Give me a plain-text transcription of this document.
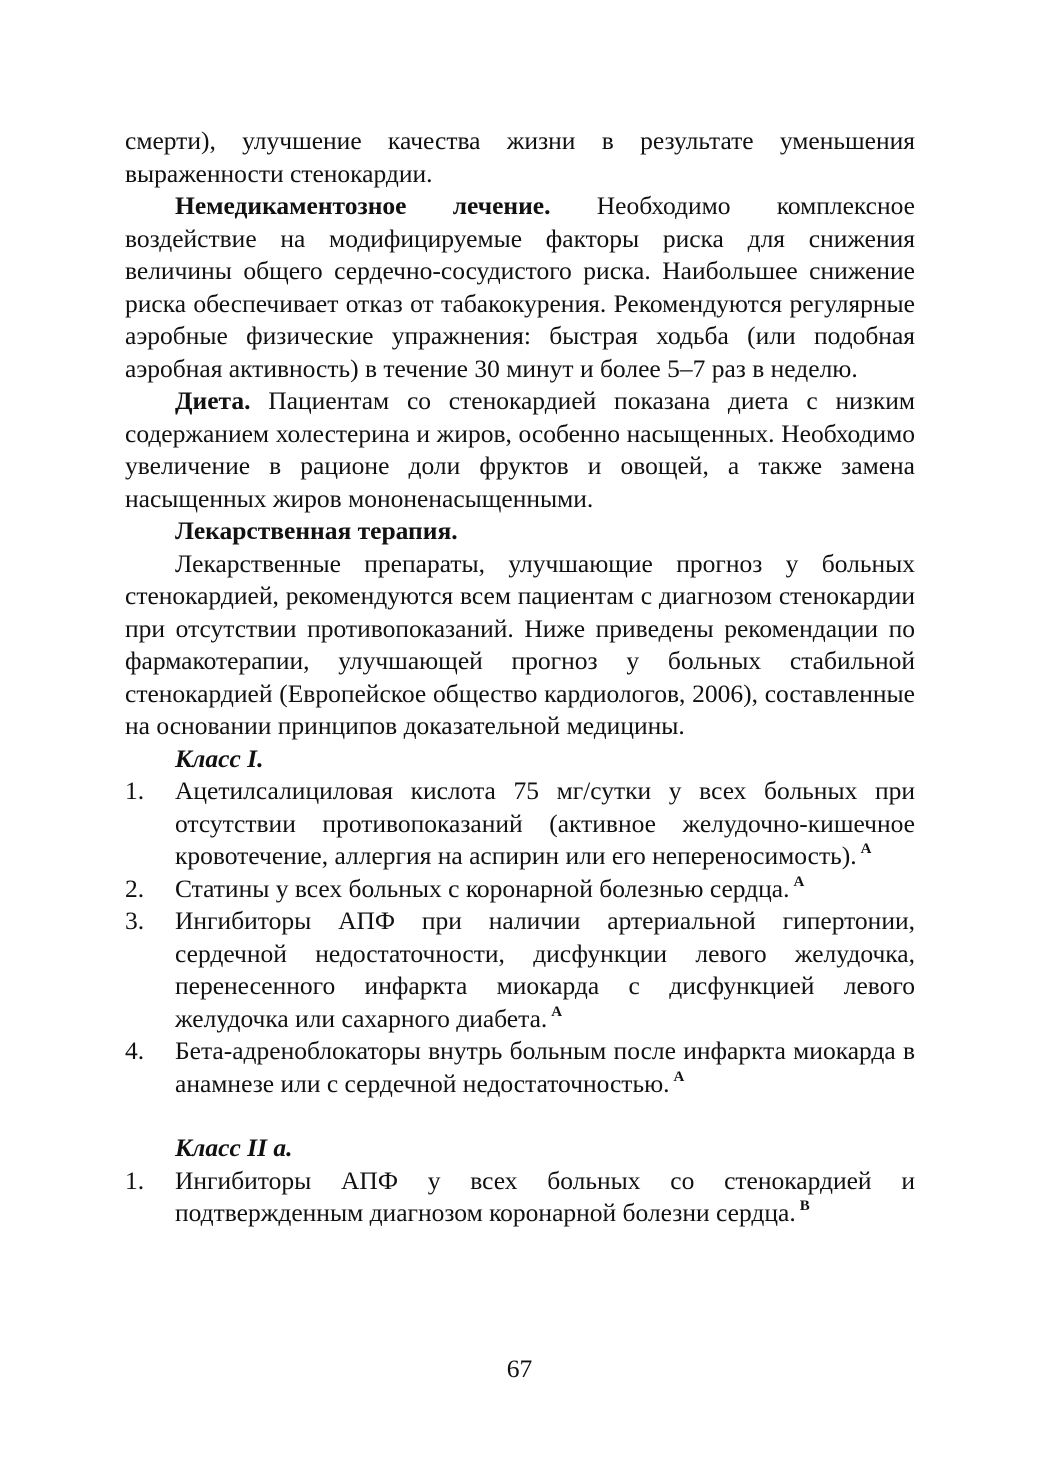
смерти), улучшение качества жизни в результате уменьшения выраженности стенокардии.

Немедикаментозное лечение. Необходимо комплексное воздействие на модифицируемые факторы риска для снижения величины общего сердечно-сосудистого риска. Наибольшее снижение риска обеспечивает отказ от табакокурения. Рекомендуются регулярные аэробные физические упражнения: быстрая ходьба (или подобная аэробная активность) в течение 30 минут и более 5–7 раз в неделю.

Диета. Пациентам со стенокардией показана диета с низким содержанием холестерина и жиров, особенно насыщенных. Необходимо увеличение в рационе доли фруктов и овощей, а также замена насыщенных жиров мононенасыщенными.

Лекарственная терапия.

Лекарственные препараты, улучшающие прогноз у больных стенокардией, рекомендуются всем пациентам с диагнозом стенокардии при отсутствии противопоказаний. Ниже приведены рекомендации по фармакотерапии, улучшающей прогноз у больных стабильной стенокардией (Европейское общество кардиологов, 2006), составленные на основании принципов доказательной медицины.

Класс I.

1. Ацетилсалициловая кислота 75 мг/сутки у всех больных при отсутствии противопоказаний (активное желудочно-кишечное кровотечение, аллергия на аспирин или его непереносимость). $^A$
2. Статины у всех больных с коронарной болезнью сердца. $^A$
3. Ингибиторы АПФ при наличии артериальной гипертонии, сердечной недостаточности, дисфункции левого желудочка, перенесенного инфаркта миокарда с дисфункцией левого желудочка или сахарного диабета. $^A$
4. Бета-адреноблокаторы внутрь больным после инфаркта миокарда в анамнезе или с сердечной недостаточностью. $^A$

Класс II а.

1. Ингибиторы АПФ у всех больных со стенокардией и подтвержденным диагнозом коронарной болезни сердца. $^B$
67
